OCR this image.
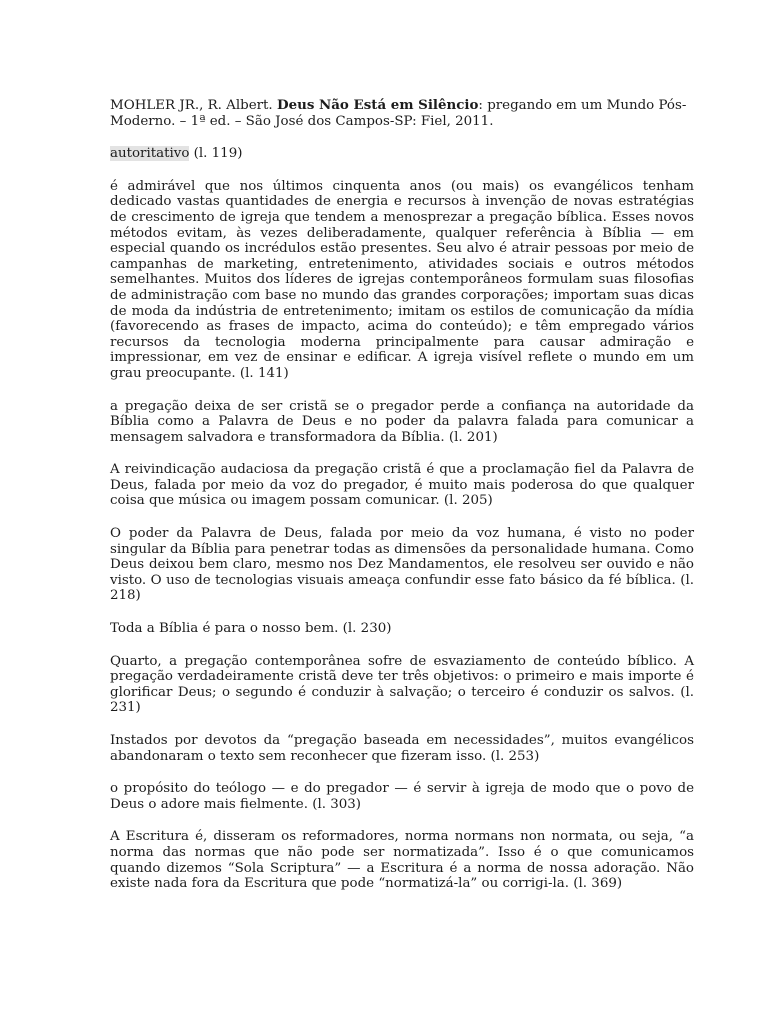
MOHLER JR., R. Albert. Deus Não Está em Silêncio: pregando em um Mundo Pós-Moderno. – 1ª ed. – São José dos Campos-SP: Fiel, 2011.

autoritativo (l. 119)

é admirável que nos últimos cinquenta anos (ou mais) os evangélicos tenham dedicado vastas quantidades de energia e recursos à invenção de novas estratégias de crescimento de igreja que tendem a menosprezar a pregação bíblica. Esses novos métodos evitam, às vezes deliberadamente, qualquer referência à Bíblia — em especial quando os incrédulos estão presentes. Seu alvo é atrair pessoas por meio de campanhas de marketing, entretenimento, atividades sociais e outros métodos semelhantes. Muitos dos líderes de igrejas contemporâneos formulam suas filosofias de administração com base no mundo das grandes corporações; importam suas dicas de moda da indústria de entretenimento; imitam os estilos de comunicação da mídia (favorecendo as frases de impacto, acima do conteúdo); e têm empregado vários recursos da tecnologia moderna principalmente para causar admiração e impressionar, em vez de ensinar e edificar. A igreja visível reflete o mundo em um grau preocupante. (l. 141)

a pregação deixa de ser cristã se o pregador perde a confiança na autoridade da Bíblia como a Palavra de Deus e no poder da palavra falada para comunicar a mensagem salvadora e transformadora da Bíblia. (l. 201)

A reivindicação audaciosa da pregação cristã é que a proclamação fiel da Palavra de Deus, falada por meio da voz do pregador, é muito mais poderosa do que qualquer coisa que música ou imagem possam comunicar. (l. 205)

O poder da Palavra de Deus, falada por meio da voz humana, é visto no poder singular da Bíblia para penetrar todas as dimensões da personalidade humana. Como Deus deixou bem claro, mesmo nos Dez Mandamentos, ele resolveu ser ouvido e não visto. O uso de tecnologias visuais ameaça confundir esse fato básico da fé bíblica. (l. 218)

Toda a Bíblia é para o nosso bem. (l. 230)

Quarto, a pregação contemporânea sofre de esvaziamento de conteúdo bíblico. A pregação verdadeiramente cristã deve ter três objetivos: o primeiro e mais importe é glorificar Deus; o segundo é conduzir à salvação; o terceiro é conduzir os salvos. (l. 231)

Instados por devotos da “pregação baseada em necessidades”, muitos evangélicos abandonaram o texto sem reconhecer que fizeram isso. (l. 253)

o propósito do teólogo — e do pregador — é servir à igreja de modo que o povo de Deus o adore mais fielmente. (l. 303)

A Escritura é, disseram os reformadores, norma normans non normata, ou seja, “a norma das normas que não pode ser normatizada”. Isso é o que comunicamos quando dizemos “Sola Scriptura” — a Escritura é a norma de nossa adoração. Não existe nada fora da Escritura que pode “normatizá-la” ou corrigi-la. (l. 369)
